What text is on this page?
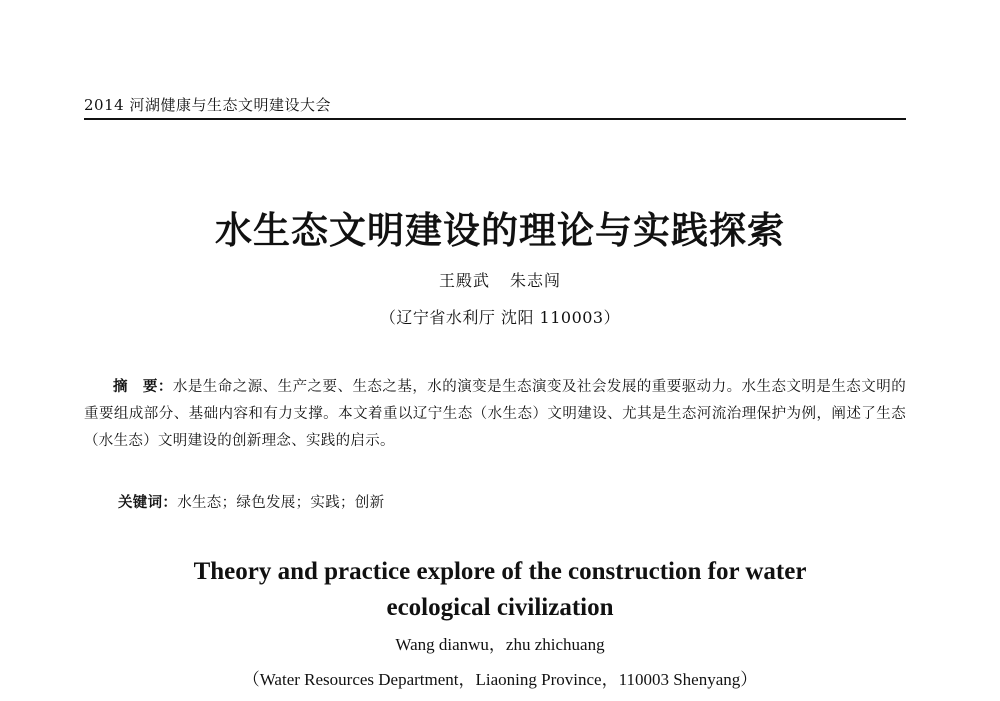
2014 河湖健康与生态文明建设大会
水生态文明建设的理论与实践探索
王殿武 朱志闯
（辽宁省水利厅 沈阳 110003）
摘　要：水是生命之源、生产之要、生态之基，水的演变是生态演变及社会发展的重要驱动力。水生态文明是生态文明的重要组成部分、基础内容和有力支撑。本文着重以辽宁生态（水生态）文明建设、尤其是生态河流治理保护为例，阐述了生态（水生态）文明建设的创新理念、实践的启示。
关键词：水生态；绿色发展；实践；创新
Theory and practice explore of the construction for water
ecological civilization
Wang dianwu，zhu zhichuang
（Water Resources Department，Liaoning Province，110003 Shenyang）
